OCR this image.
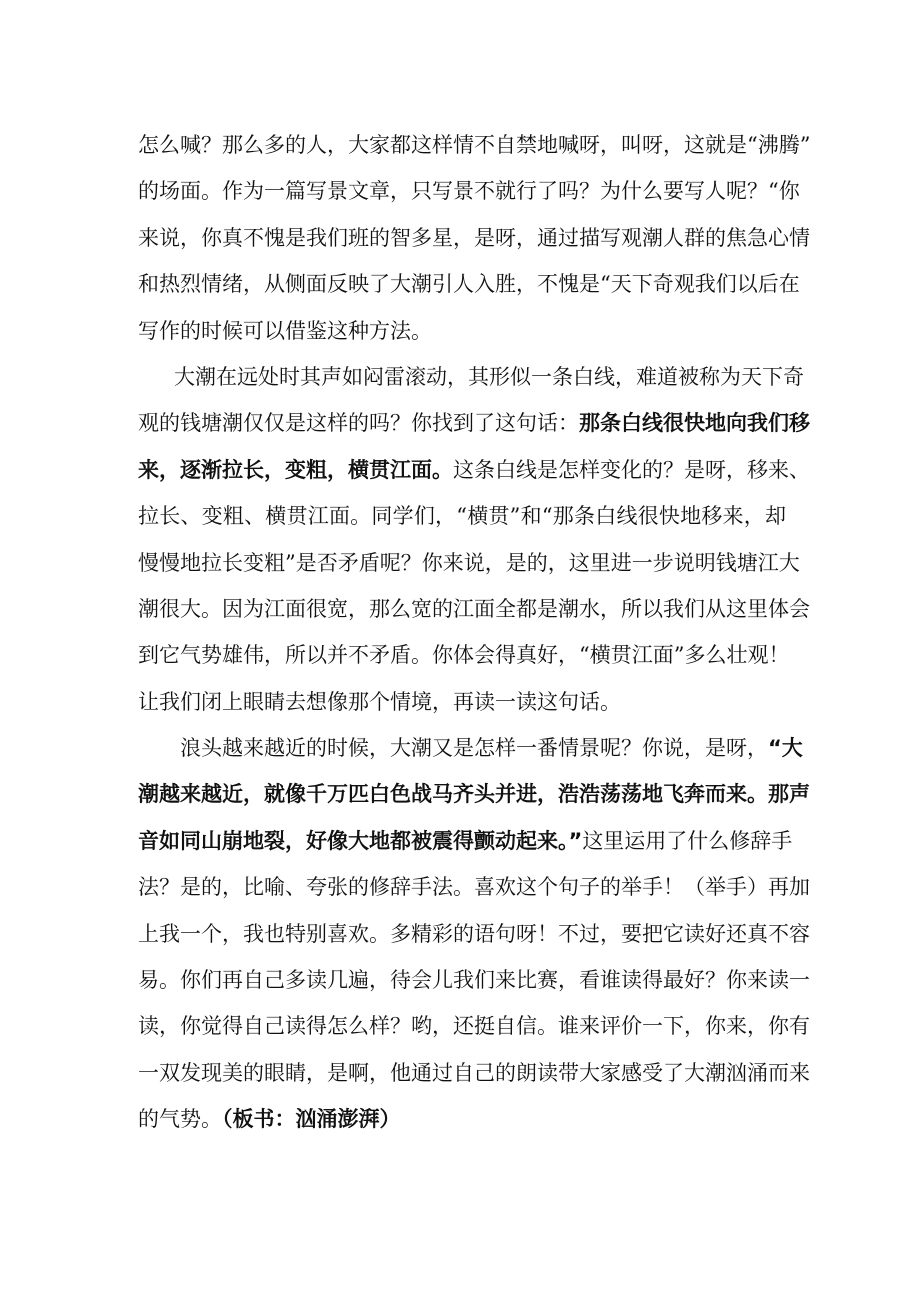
怎么喊？那么多的人，大家都这样情不自禁地喊呀，叫呀，这就是“沸腾”
的场面。作为一篇写景文章，只写景不就行了吗？为什么要写人呢？“你
来说，你真不愧是我们班的智多星，是呀，通过描写观潮人群的焦急心情
和热烈情绪，从侧面反映了大潮引人入胜，不愧是“天下奇观我们以后在
写作的时候可以借鉴这种方法。
大潮在远处时其声如闷雷滚动，其形似一条白线，难道被称为天下奇
观的钱塘潮仅仅是这样的吗？你找到了这句话：那条白线很快地向我们移
来，逐渐拉长，变粗，横贯江面。这条白线是怎样变化的？是呀，移来、
拉长、变粗、横贯江面。同学们，“横贯”和“那条白线很快地移来，却
慢慢地拉长变粗”是否矛盾呢？你来说，是的，这里进一步说明钱塘江大
潮很大。因为江面很宽，那么宽的江面全都是潮水，所以我们从这里体会
到它气势雄伟，所以并不矛盾。你体会得真好，“横贯江面”多么壮观！
让我们闭上眼睛去想像那个情境，再读一读这句话。
浪头越来越近的时候，大潮又是怎样一番情景呢？你说，是呀，“大
潮越来越近，就像千万匹白色战马齐头并进，浩浩荡荡地飞奔而来。那声
音如同山崩地裂，好像大地都被震得颤动起来。”这里运用了什么修辞手
法？是的，比喻、夸张的修辞手法。喜欢这个句子的举手！（举手）再加
上我一个，我也特别喜欢。多精彩的语句呀！不过，要把它读好还真不容
易。你们再自己多读几遍，待会儿我们来比赛，看谁读得最好？你来读一
读，你觉得自己读得怎么样？哟，还挺自信。谁来评价一下，你来，你有
一双发现美的眼睛，是啊，他通过自己的朗读带大家感受了大潮汹涌而来
的气势。（板书：汹涌澎湃）
